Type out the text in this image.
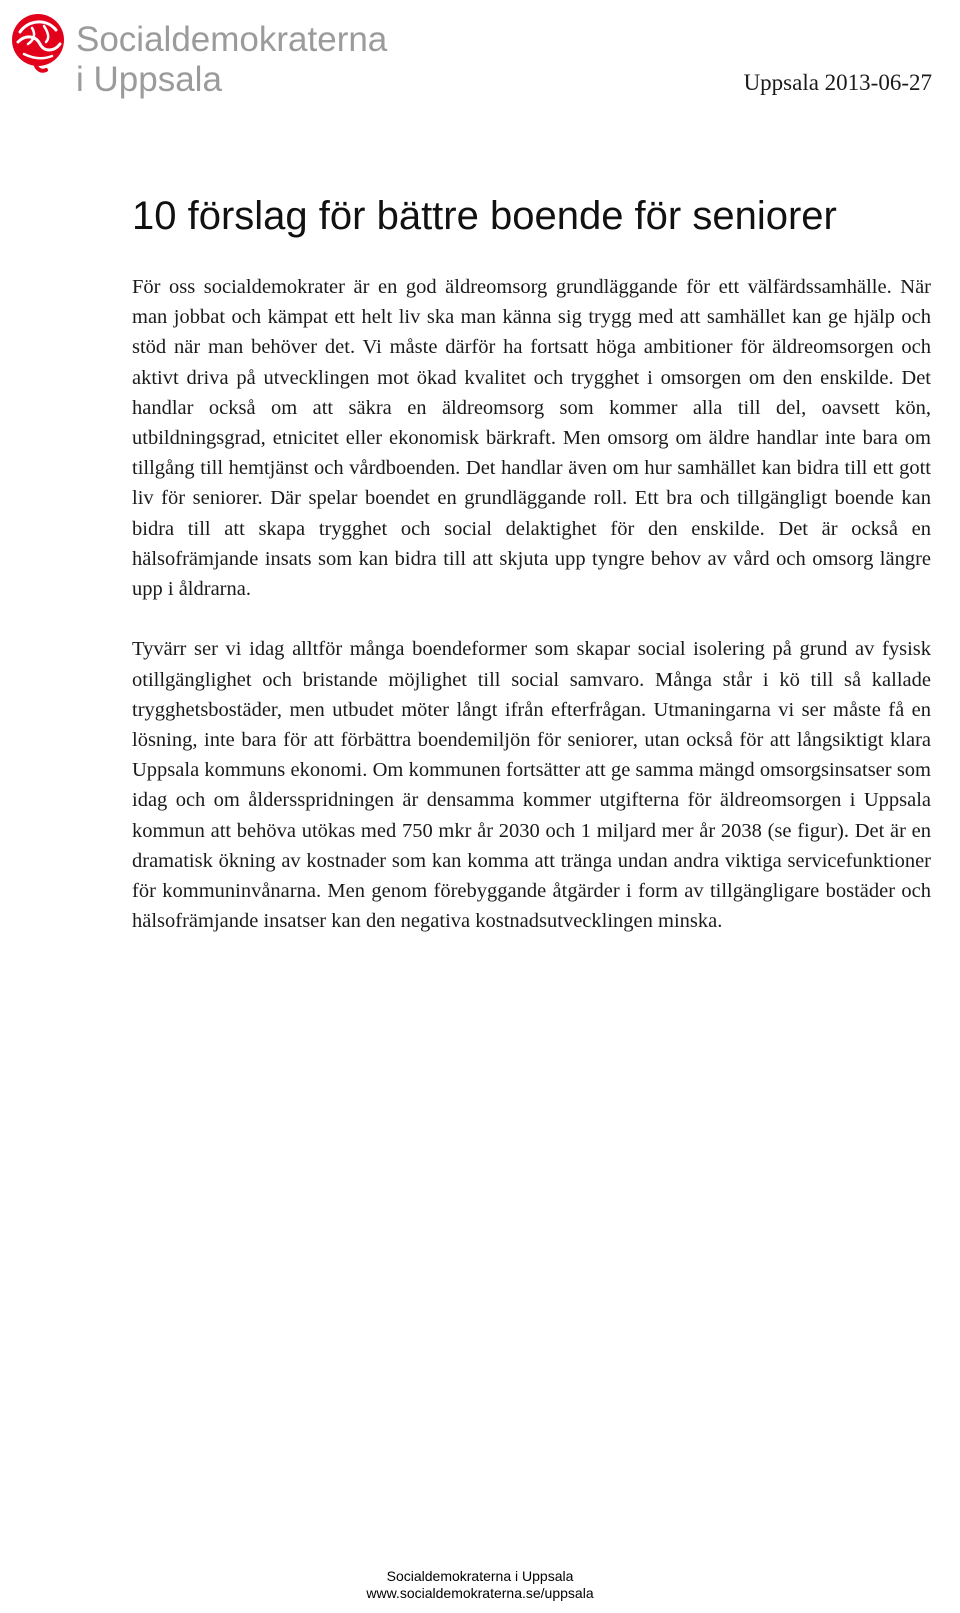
Socialdemokraterna
i Uppsala	Uppsala 2013-06-27
10 förslag för bättre boende för seniorer

För oss socialdemokrater är en god äldreomsorg grundläggande för ett välfärdssamhälle. När man jobbat och kämpat ett helt liv ska man känna sig trygg med att samhället kan ge hjälp och stöd när man behöver det. Vi måste därför ha fortsatt höga ambitioner för äldreomsorgen och aktivt driva på utvecklingen mot ökad kvalitet och trygghet i omsorgen om den enskilde. Det handlar också om att säkra en äldreomsorg som kommer alla till del, oavsett kön, utbildningsgrad, etnicitet eller ekonomisk bärkraft. Men omsorg om äldre handlar inte bara om tillgång till hemtjänst och vårdboenden. Det handlar även om hur samhället kan bidra till ett gott liv för seniorer. Där spelar boendet en grundläggande roll. Ett bra och tillgängligt boende kan bidra till att skapa trygghet och social delaktighet för den enskilde. Det är också en hälsofrämjande insats som kan bidra till att skjuta upp tyngre behov av vård och omsorg längre upp i åldrarna.

Tyvärr ser vi idag alltför många boendeformer som skapar social isolering på grund av fysisk otillgänglighet och bristande möjlighet till social samvaro. Många står i kö till så kallade trygghetsbostäder, men utbudet möter långt ifrån efterfrågan. Utmaningarna vi ser måste få en lösning, inte bara för att förbättra boendemiljön för seniorer, utan också för att långsiktigt klara Uppsala kommuns ekonomi. Om kommunen fortsätter att ge samma mängd omsorgsinsatser som idag och om åldersspridningen är densamma kommer utgifterna för äldreomsorgen i Uppsala kommun att behöva utökas med 750 mkr år 2030 och 1 miljard mer år 2038 (se figur). Det är en dramatisk ökning av kostnader som kan komma att tränga undan andra viktiga servicefunktioner för kommuninvånarna. Men genom förebyggande åtgärder i form av tillgängligare bostäder och hälsofrämjande insatser kan den negativa kostnadsutvecklingen minska.

Socialdemokraterna i Uppsala
www.socialdemokraterna.se/uppsala
